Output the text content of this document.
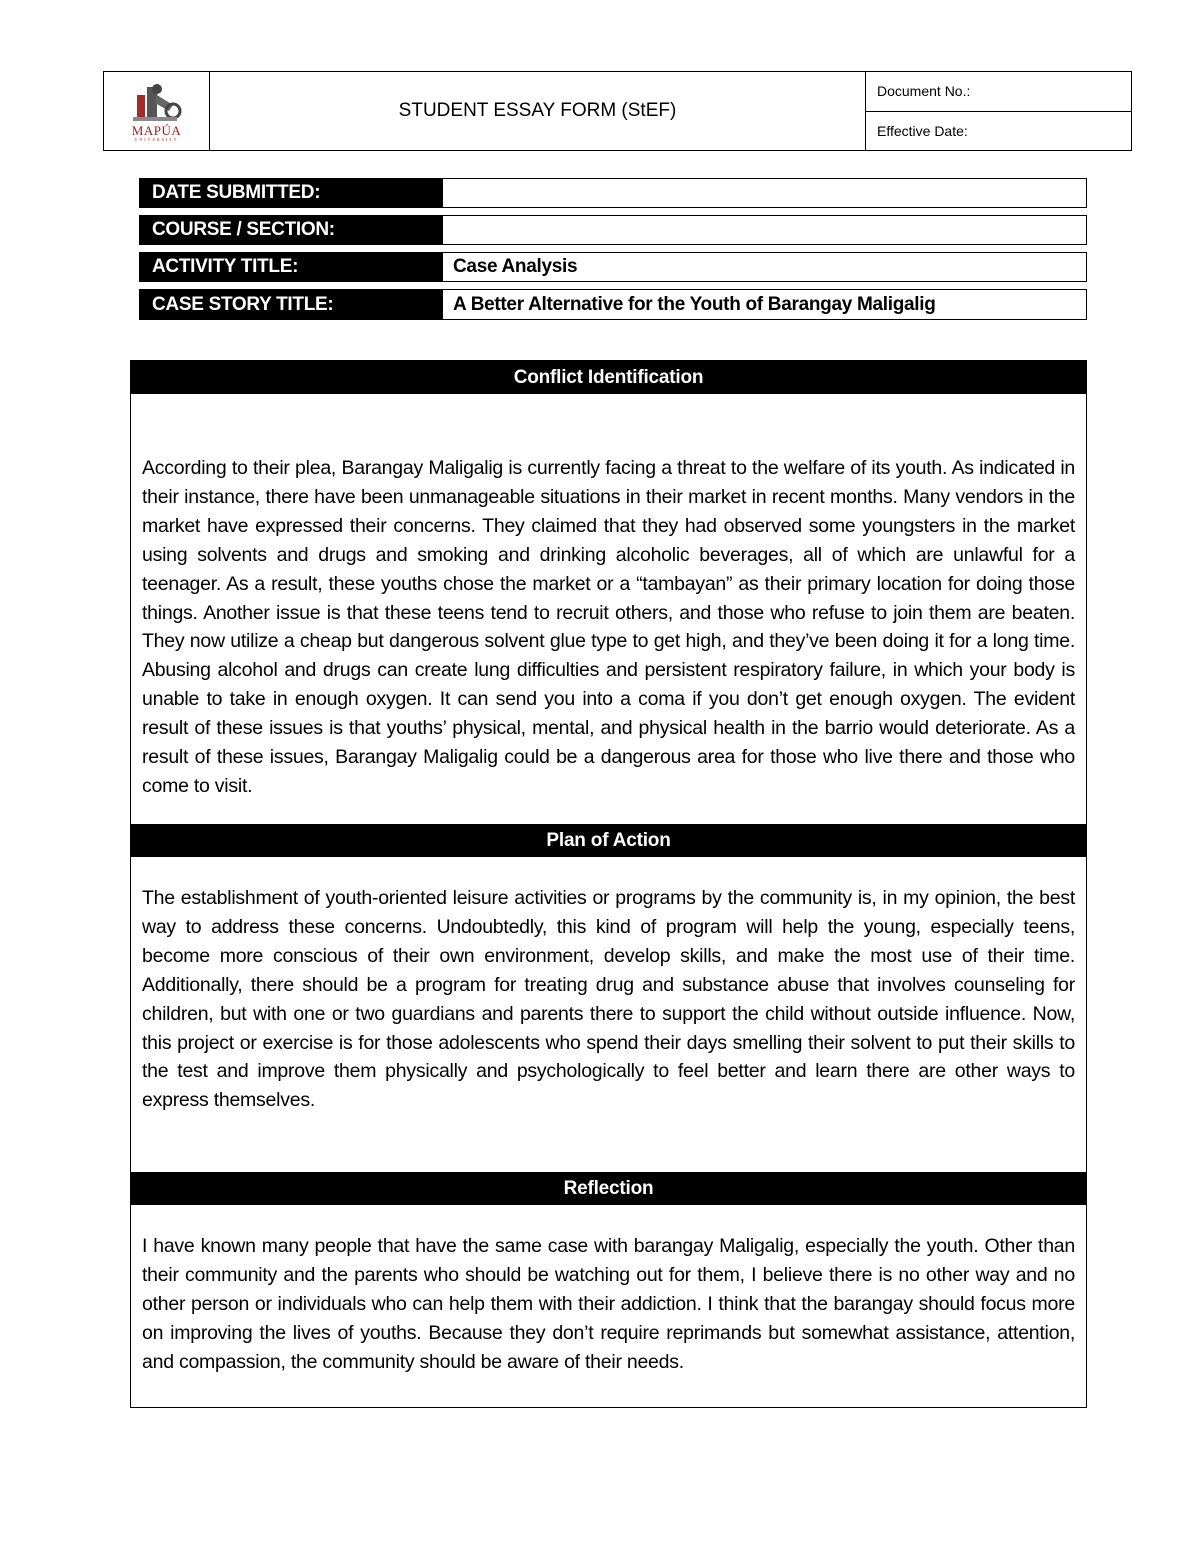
MAPÚA
UNIVERSITY
STUDENT ESSAY FORM (StEF)
Document No.:
Effective Date:
DATE SUBMITTED:
COURSE / SECTION:
ACTIVITY TITLE:	Case Analysis
CASE STORY TITLE:	A Better Alternative for the Youth of Barangay Maligalig
Conflict Identification

According to their plea, Barangay Maligalig is currently facing a threat to the welfare of its youth. As indicated in their instance, there have been unmanageable situations in their market in recent months. Many vendors in the market have expressed their concerns. They claimed that they had observed some youngsters in the market using solvents and drugs and smoking and drinking alcoholic beverages, all of which are unlawful for a teenager. As a result, these youths chose the market or a “tambayan” as their primary location for doing those things. Another issue is that these teens tend to recruit others, and those who refuse to join them are beaten. They now utilize a cheap but dangerous solvent glue type to get high, and they’ve been doing it for a long time. Abusing alcohol and drugs can create lung difficulties and persistent respiratory failure, in which your body is unable to take in enough oxygen. It can send you into a coma if you don’t get enough oxygen. The evident result of these issues is that youths’ physical, mental, and physical health in the barrio would deteriorate. As a result of these issues, Barangay Maligalig could be a dangerous area for those who live there and those who come to visit.

Plan of Action

The establishment of youth-oriented leisure activities or programs by the community is, in my opinion, the best way to address these concerns. Undoubtedly, this kind of program will help the young, especially teens, become more conscious of their own environment, develop skills, and make the most use of their time. Additionally, there should be a program for treating drug and substance abuse that involves counseling for children, but with one or two guardians and parents there to support the child without outside influence. Now, this project or exercise is for those adolescents who spend their days smelling their solvent to put their skills to the test and improve them physically and psychologically to feel better and learn there are other ways to express themselves.

Reflection

I have known many people that have the same case with barangay Maligalig, especially the youth. Other than their community and the parents who should be watching out for them, I believe there is no other way and no other person or individuals who can help them with their addiction. I think that the barangay should focus more on improving the lives of youths. Because they don’t require reprimands but somewhat assistance, attention, and compassion, the community should be aware of their needs.
